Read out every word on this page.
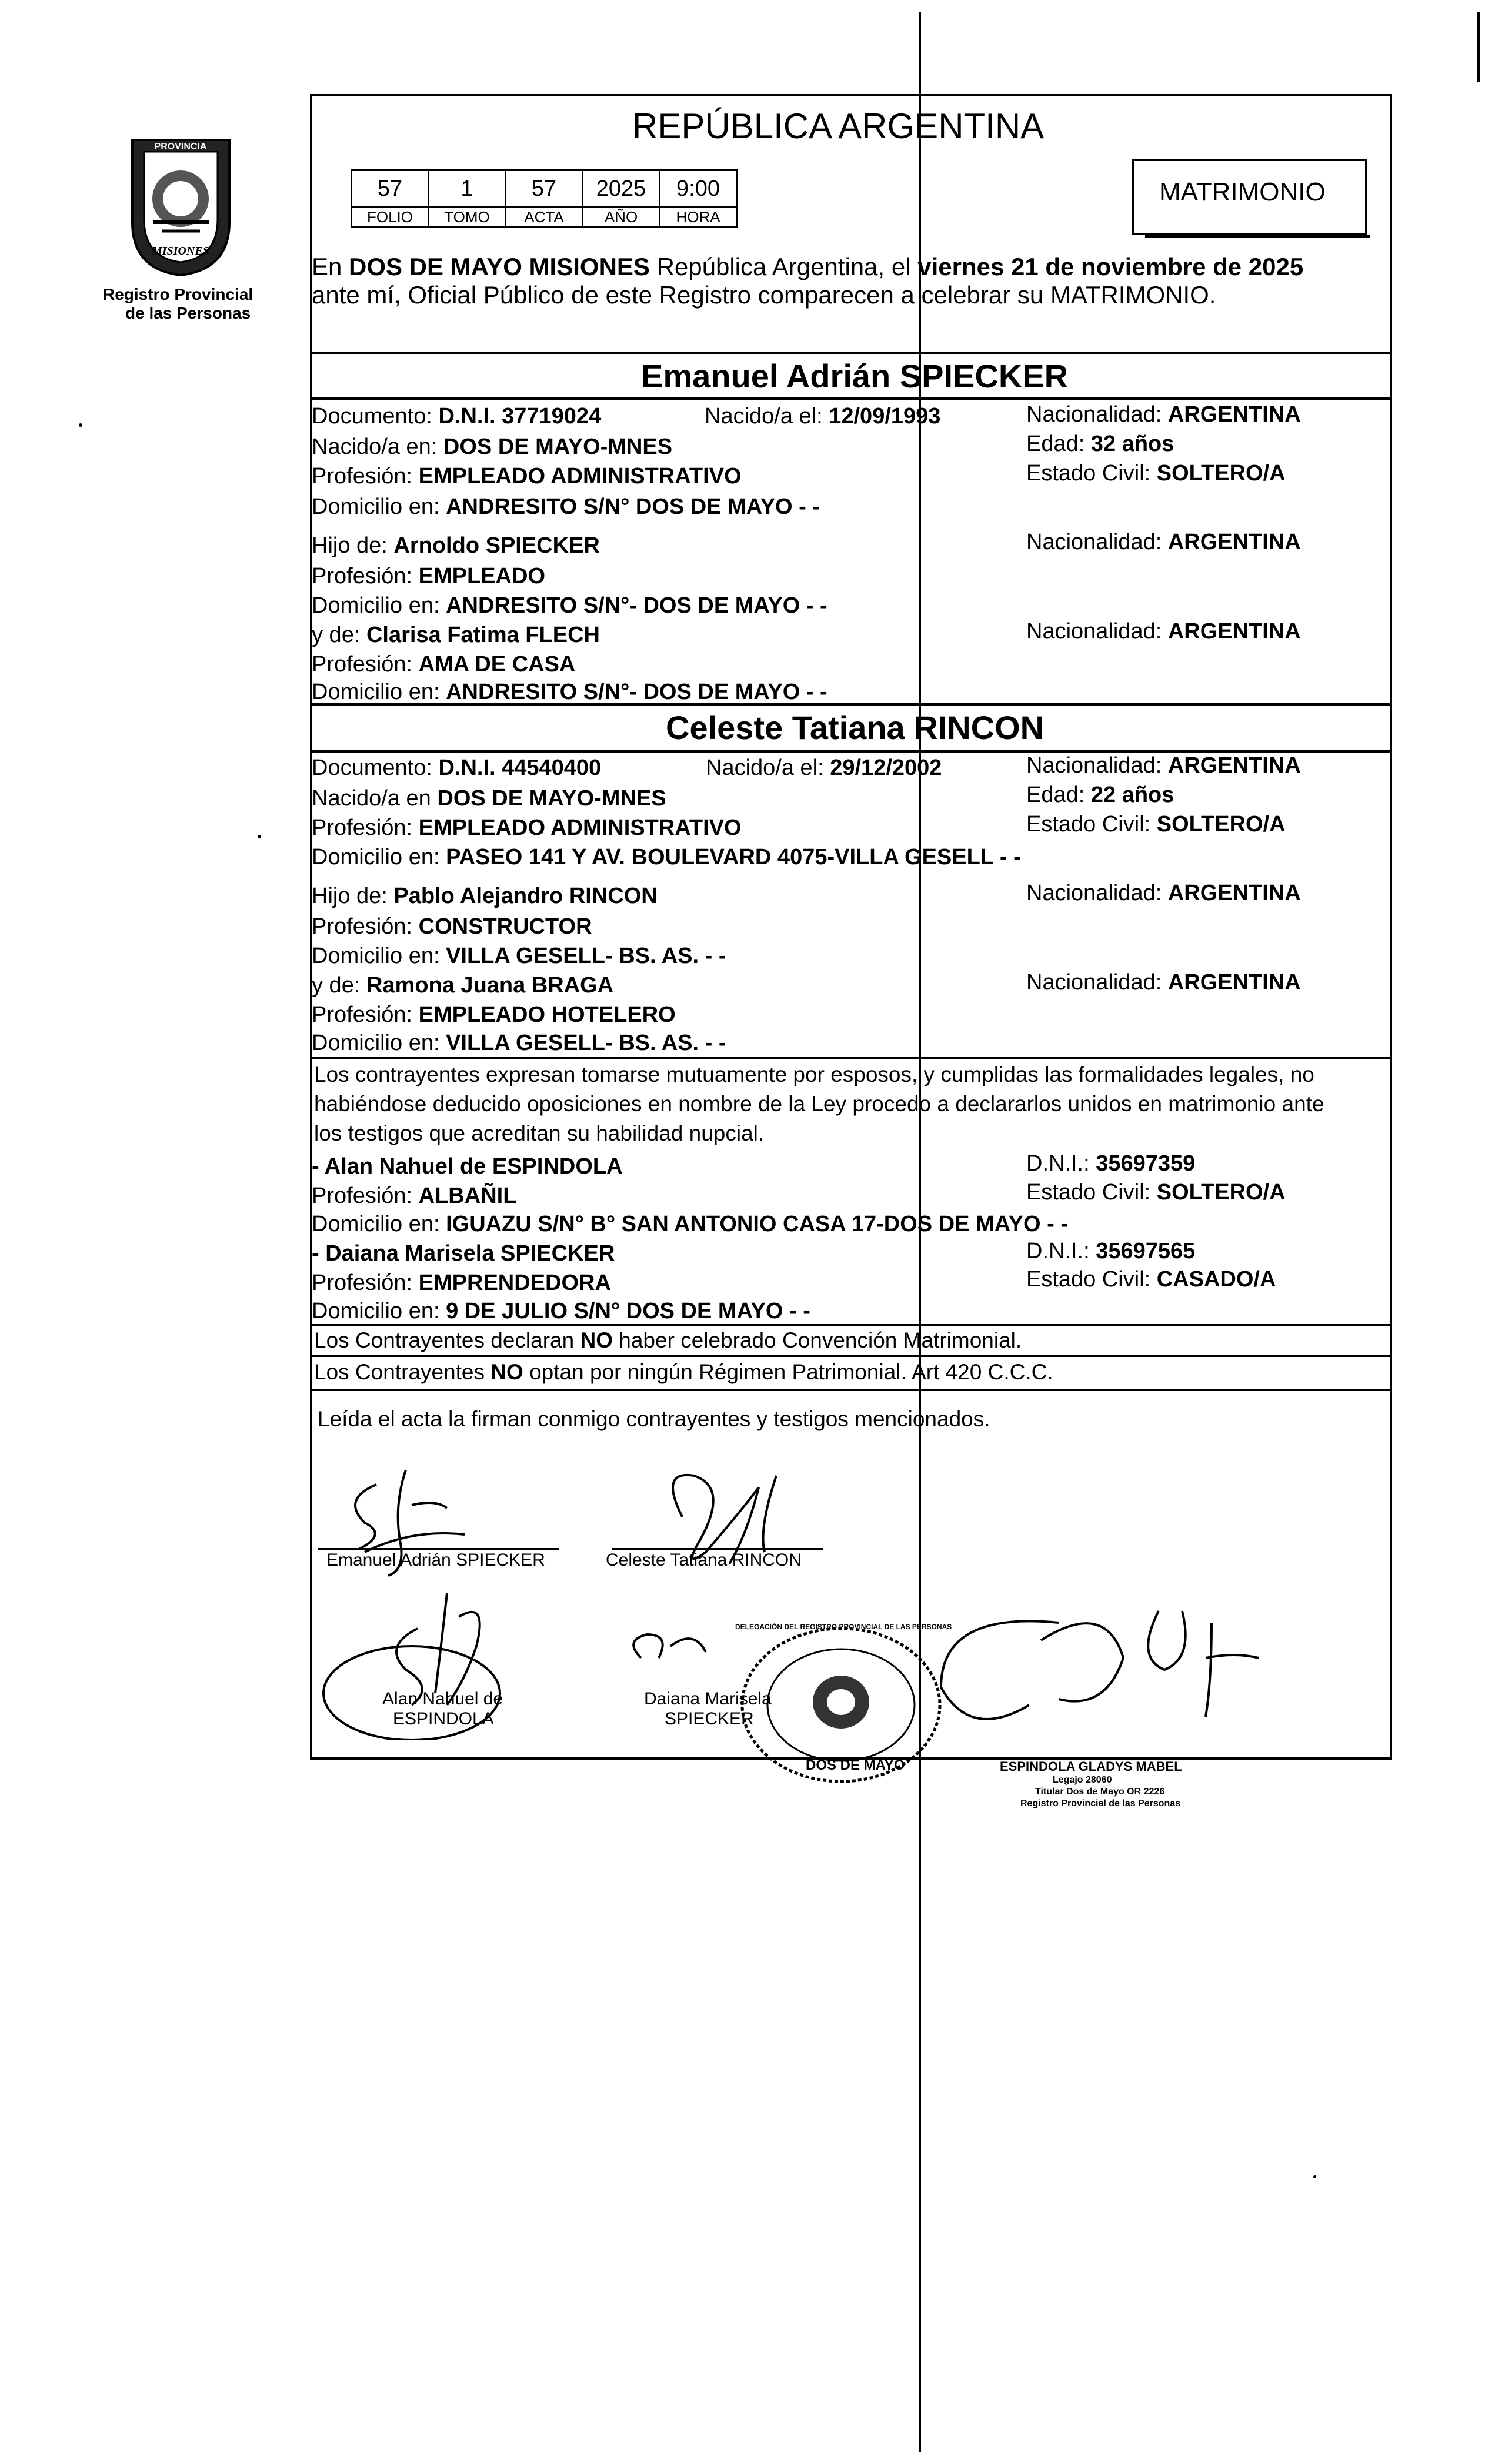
PROVINCIA
MISIONES
Registro Provincial
de las Personas
REPÚBLICA ARGENTINA
57	1	57	2025	9:00
FOLIO	TOMO	ACTA	AÑO	HORA
MATRIMONIO
En DOS DE MAYO MISIONES República Argentina, el viernes 21 de noviembre de 2025
ante mí, Oficial Público de este Registro comparecen a celebrar su MATRIMONIO.
Emanuel Adrián SPIECKER
Documento: D.N.I. 37719024	Nacido/a el: 12/09/1993	Nacionalidad: ARGENTINA
Nacido/a en: DOS DE MAYO-MNES	Edad: 32 años
Profesión: EMPLEADO ADMINISTRATIVO	Estado Civil: SOLTERO/A
Domicilio en: ANDRESITO S/N° DOS DE MAYO - -
Hijo de: Arnoldo SPIECKER	Nacionalidad: ARGENTINA
Profesión: EMPLEADO
Domicilio en: ANDRESITO S/N°- DOS DE MAYO - -
y de: Clarisa Fatima FLECH	Nacionalidad: ARGENTINA
Profesión: AMA DE CASA
Domicilio en: ANDRESITO S/N°- DOS DE MAYO - -
Celeste Tatiana RINCON
Documento: D.N.I. 44540400	Nacido/a el: 29/12/2002	Nacionalidad: ARGENTINA
Nacido/a en DOS DE MAYO-MNES	Edad: 22 años
Profesión: EMPLEADO ADMINISTRATIVO	Estado Civil: SOLTERO/A
Domicilio en: PASEO 141 Y AV. BOULEVARD 4075-VILLA GESELL - -
Hijo de: Pablo Alejandro RINCON	Nacionalidad: ARGENTINA
Profesión: CONSTRUCTOR
Domicilio en: VILLA GESELL- BS. AS. - -
y de: Ramona Juana BRAGA	Nacionalidad: ARGENTINA
Profesión: EMPLEADO HOTELERO
Domicilio en: VILLA GESELL- BS. AS. - -
Los contrayentes expresan tomarse mutuamente por esposos, y cumplidas las formalidades legales, no
habiéndose deducido oposiciones en nombre de la Ley procedo a declararlos unidos en matrimonio ante
los testigos que acreditan su habilidad nupcial.
- Alan Nahuel de ESPINDOLA	D.N.I.: 35697359
Profesión: ALBAÑIL	Estado Civil: SOLTERO/A
Domicilio en: IGUAZU S/N° B° SAN ANTONIO CASA 17-DOS DE MAYO - -
- Daiana Marisela SPIECKER	D.N.I.: 35697565
Profesión: EMPRENDEDORA	Estado Civil: CASADO/A
Domicilio en: 9 DE JULIO S/N° DOS DE MAYO - -
Los Contrayentes declaran NO haber celebrado Convención Matrimonial.
Los Contrayentes NO optan por ningún Régimen Patrimonial. Art 420 C.C.C.
Leída el acta la firman conmigo contrayentes y testigos mencionados.
Emanuel Adrián SPIECKER	Celeste Tatiana RINCON
Alan Nahuel de
ESPINDOLA
Daiana Marisela
SPIECKER
DELEGACIÓN DEL REGISTRO PROVINCIAL DE LAS PERSONAS
DOS DE MAYO	ESPINDOLA GLADYS MABEL
Legajo 28060
Titular Dos de Mayo OR 2226
Registro Provincial de las Personas
